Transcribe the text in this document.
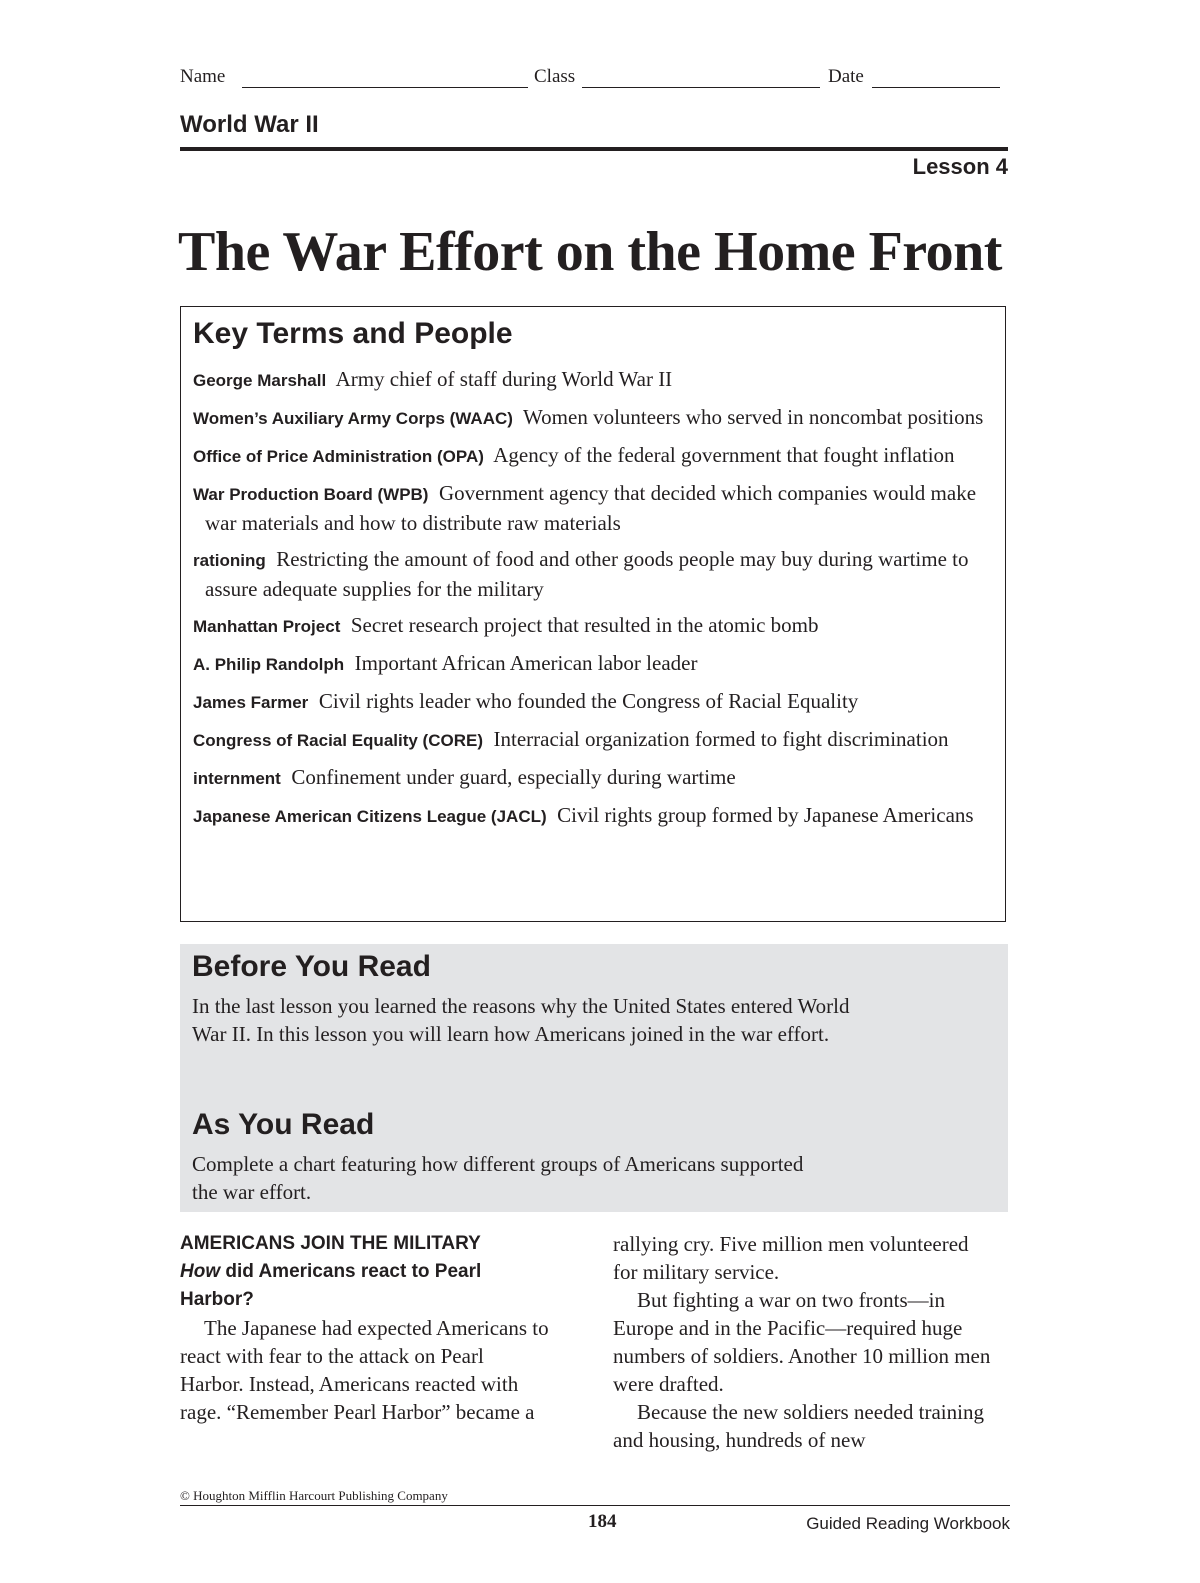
Name	Class	Date
World War II
Lesson 4
The War Effort on the Home Front
Key Terms and People
George Marshall Army chief of staff during World War II
Women’s Auxiliary Army Corps (WAAC) Women volunteers who served in noncombat positions
Office of Price Administration (OPA) Agency of the federal government that fought inflation
War Production Board (WPB) Government agency that decided which companies would make war materials and how to distribute raw materials
rationing Restricting the amount of food and other goods people may buy during wartime to assure adequate supplies for the military
Manhattan Project Secret research project that resulted in the atomic bomb
A. Philip Randolph Important African American labor leader
James Farmer Civil rights leader who founded the Congress of Racial Equality
Congress of Racial Equality (CORE) Interracial organization formed to fight discrimination
internment Confinement under guard, especially during wartime
Japanese American Citizens League (JACL) Civil rights group formed by Japanese Americans
Before You Read
In the last lesson you learned the reasons why the United States entered World War II. In this lesson you will learn how Americans joined in the war effort.
As You Read
Complete a chart featuring how different groups of Americans supported the war effort.

AMERICANS JOIN THE MILITARY

How did Americans react to Pearl Harbor?

The Japanese had expected Americans to react with fear to the attack on Pearl Harbor. Instead, Americans reacted with rage. “Remember Pearl Harbor” became a

rallying cry. Five million men volunteered for military service.

But fighting a war on two fronts—in Europe and in the Pacific—required huge numbers of soldiers. Another 10 million men were drafted.

Because the new soldiers needed training and housing, hundreds of new

© Houghton Mifflin Harcourt Publishing Company
184	Guided Reading Workbook
